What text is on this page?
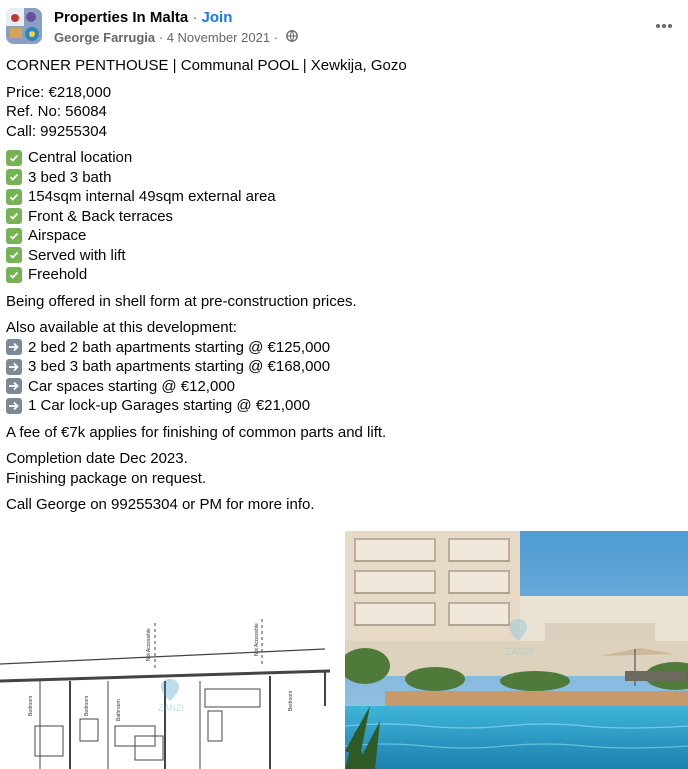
Properties In Malta · Join
George Farrugia · 4 November 2021 ·
CORNER PENTHOUSE | Communal POOL | Xewkija, Gozo
Price: €218,000
Ref. No: 56084
Call: 99255304
Central location
3 bed 3 bath
154sqm internal 49sqm external area
Front & Back terraces
Airspace
Served with lift
Freehold
Being offered in shell form at pre-construction prices.
Also available at this development:
2 bed 2 bath apartments starting @ €125,000
3 bed 3 bath apartments starting @ €168,000
Car spaces starting @ €12,000
1 Car lock-up Garages starting @ €21,000
A fee of €7k applies for finishing of common parts and lift.
Completion date Dec 2023.
Finishing package on request.
Call George on 99255304 or PM for more info.
Not Accessible	Not Accessible
Bedroom	Bedroom	Bathroom	Bedroom
ZANZI
ZANZI
